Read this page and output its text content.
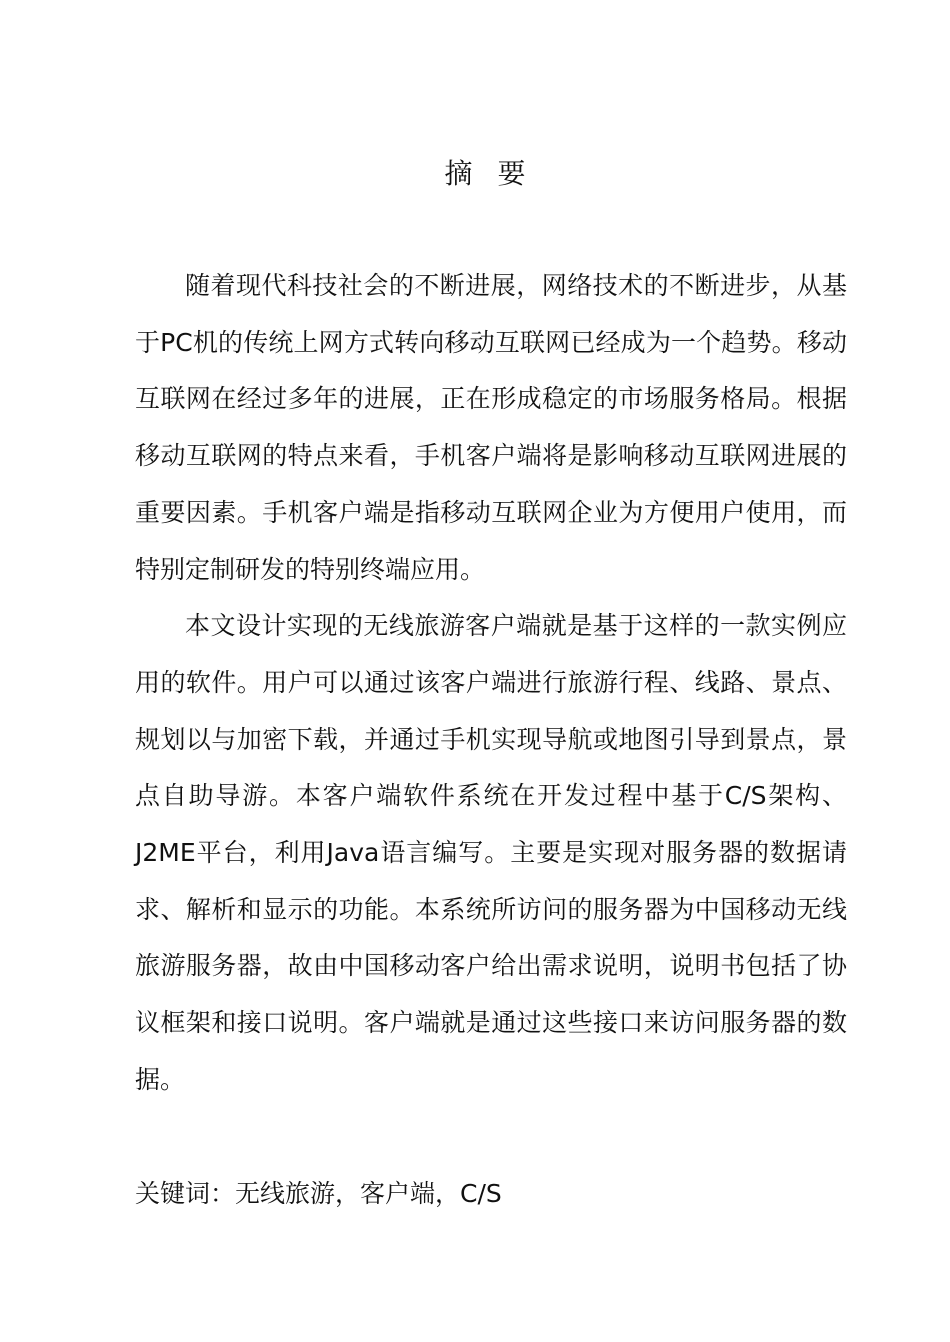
摘 要

随着现代科技社会的不断进展，网络技术的不断进步，从基于PC机的传统上网方式转向移动互联网已经成为一个趋势。移动互联网在经过多年的进展，正在形成稳定的市场服务格局。根据移动互联网的特点来看，手机客户端将是影响移动互联网进展的重要因素。手机客户端是指移动互联网企业为方便用户使用，而特别定制研发的特别终端应用。

本文设计实现的无线旅游客户端就是基于这样的一款实例应用的软件。用户可以通过该客户端进行旅游行程、线路、景点、规划以与加密下载，并通过手机实现导航或地图引导到景点，景点自助导游。本客户端软件系统在开发过程中基于C/S架构、J2ME平台，利用Java语言编写。主要是实现对服务器的数据请求、解析和显示的功能。本系统所访问的服务器为中国移动无线旅游服务器，故由中国移动客户给出需求说明，说明书包括了协议框架和接口说明。客户端就是通过这些接口来访问服务器的数据。

关键词：无线旅游，客户端，C/S
